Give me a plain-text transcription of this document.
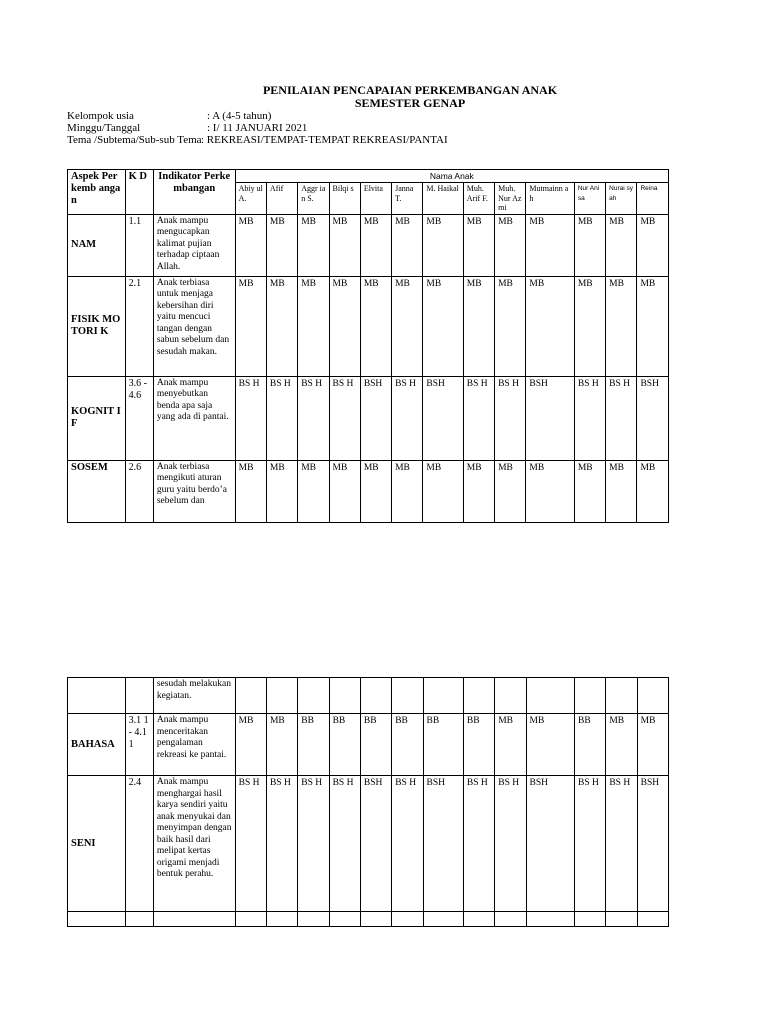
PENILAIAN PENCAPAIAN PERKEMBANGAN ANAK
SEMESTER GENAP
Kelompok usia	: A (4-5 tahun)
Minggu/Tanggal	: I/ 11 JANUARI 2021
Tema /Subtema/Sub-sub Tema : REKREASI/TEMPAT-TEMPAT REKREASI/PANTAI
Aspek Perkemb angan	K D	Indikator Perkembangan	Nama Anak												
			Abiy ul A.	Afif	Aggr ian S.	Bilqi s	Elvita	Janna T.	M. Haikal	Muh. Arif F.	Muh. Nur Azmi	Mutmainn ah	Nur Anisa	Nurai syah	Reina
NAM	1.1	Anak mampu mengucapkan kalimat pujian terhadap ciptaan Allah.	MB	MB	MB	MB	MB	MB	MB	MB	MB	MB	MB	MB	MB
FISIK MOTORI K	2.1	Anak terbiasa untuk menjaga kebersihan diri yaitu mencuci tangan dengan sabun sebelum dan sesudah makan.	MB	MB	MB	MB	MB	MB	MB	MB	MB	MB	MB	MB	MB
KOGNIT IF	3.6 - 4.6	Anak mampu menyebutkan benda apa saja yang ada di pantai.	BS H	BS H	BS H	BS H	BSH	BS H	BSH	BS H	BS H	BSH	BS H	BS H	BSH
SOSEM	2.6	Anak terbiasa mengikuti aturan guru yaitu berdo’a sebelum dan	MB	MB	MB	MB	MB	MB	MB	MB	MB	MB	MB	MB	MB
		sesudah melakukan kegiatan.													
BAHASA	3.1 1- 4.1 1	Anak mampu menceritakan pengalaman rekreasi ke pantai.	MB	MB	BB	BB	BB	BB	BB	BB	MB	MB	BB	MB	MB
SENI	2.4	Anak mampu menghargai hasil karya sendiri yaitu anak menyukai dan menyimpan dengan baik hasil dari melipat kertas origami menjadi bentuk perahu.	BS H	BS H	BS H	BS H	BSH	BS H	BSH	BS H	BS H	BSH	BS H	BS H	BSH
